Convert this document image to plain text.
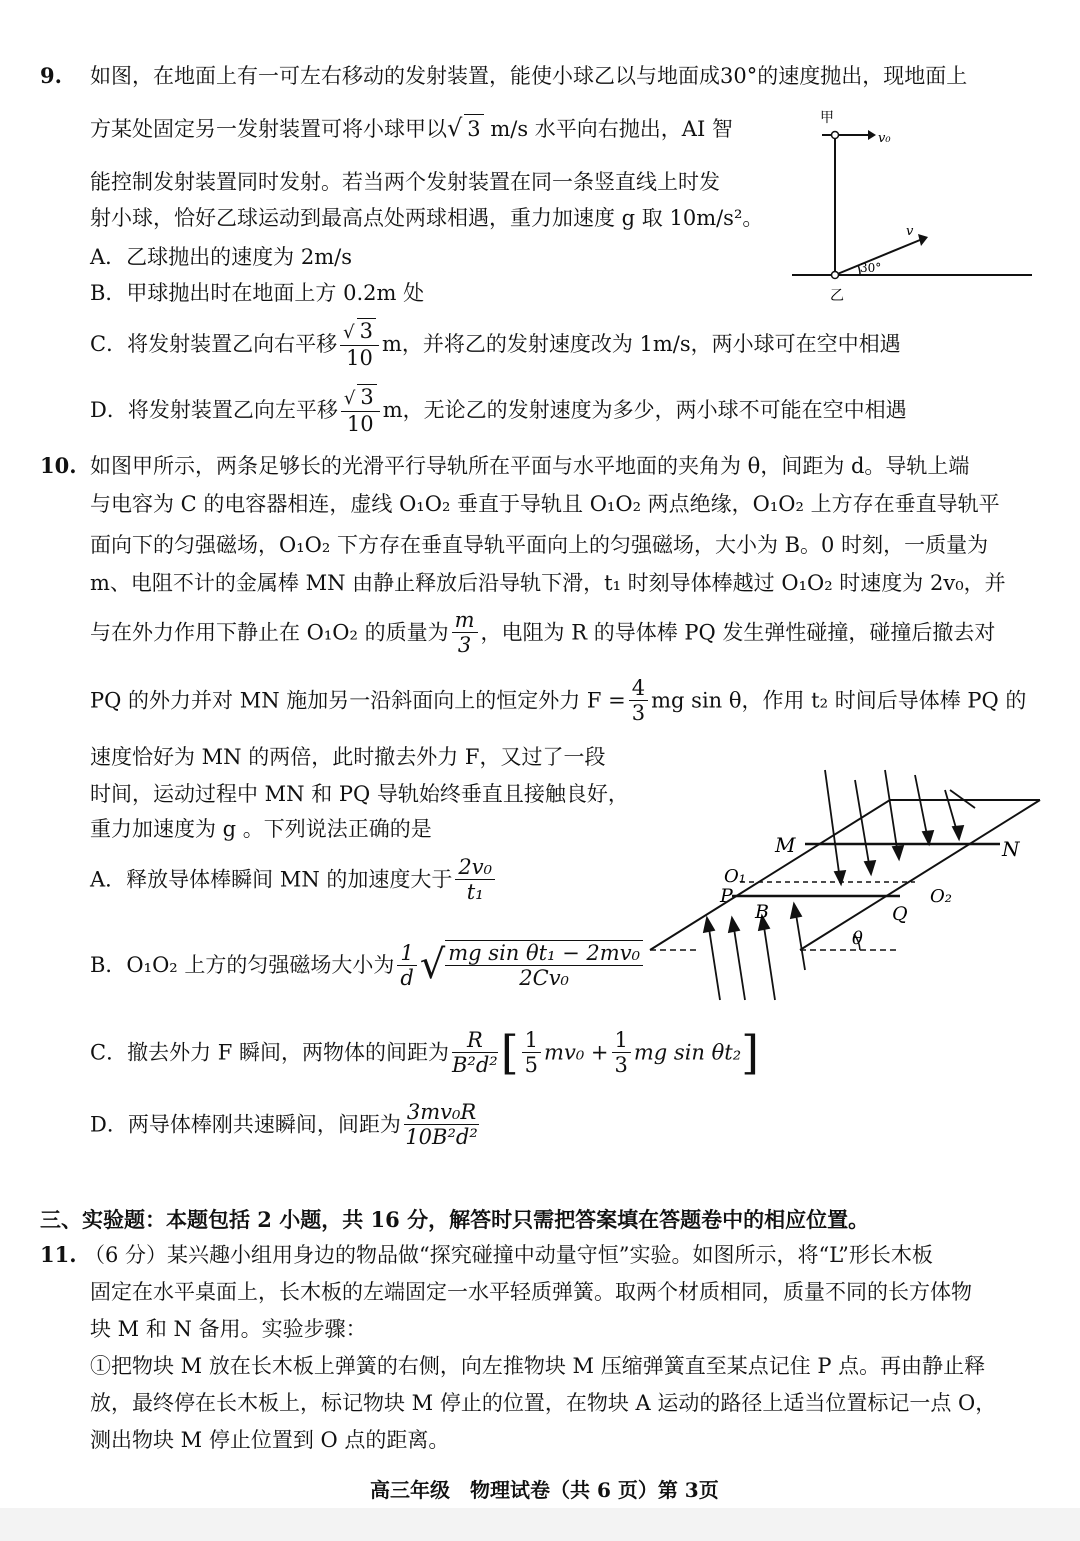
9. 如图，在地面上有一可左右移动的发射装置，能使小球乙以与地面成30°的速度抛出，现地面上
方某处固定另一发射装置可将小球甲以√ 3 m/s 水平向右抛出，AI 智
能控制发射装置同时发射。若当两个发射装置在同一条竖直线上时发
射小球，恰好乙球运动到最高点处两球相遇，重力加速度 g 取 10m/s²。
A．乙球抛出的速度为 2m/s
B．甲球抛出时在地面上方 0.2m 处
C．将发射装置乙向右平移 $\frac{√ 3}{10}$ m，并将乙的发射速度改为 1m/s，两小球可在空中相遇
D．将发射装置乙向左平移 $\frac{√ 3}{10}$ m，无论乙的发射速度为多少，两小球不可能在空中相遇
甲
v₀
v
30°
乙
10. 如图甲所示，两条足够长的光滑平行导轨所在平面与水平地面的夹角为 θ，间距为 d。导轨上端
与电容为 C 的电容器相连，虚线 O₁O₂ 垂直于导轨且 O₁O₂ 两点绝缘，O₁O₂ 上方存在垂直导轨平
面向下的匀强磁场，O₁O₂ 下方存在垂直导轨平面向上的匀强磁场，大小为 B。0 时刻，一质量为
m、电阻不计的金属棒 MN 由静止释放后沿导轨下滑，t₁ 时刻导体棒越过 O₁O₂ 时速度为 2v₀，并
与在外力作用下静止在 O₁O₂ 的质量为 $\frac{m}{3}$ ，电阻为 R 的导体棒 PQ 发生弹性碰撞，碰撞后撤去对
PQ 的外力并对 MN 施加另一沿斜面向上的恒定外力 $F = \frac{4}{3}$ mg sin θ，作用 t₂ 时间后导体棒 PQ 的
速度恰好为 MN 的两倍，此时撤去外力 F，又过了一段
时间，运动过程中 MN 和 PQ 导轨始终垂直且接触良好，
重力加速度为 g 。下列说法正确的是
A．释放导体棒瞬间 MN 的加速度大于 $\frac{\text{2v₀}}{\text{t₁}}$
B．O₁O₂ 上方的匀强磁场大小为 $\frac{1}{d}$ √ $\frac{\text{mg sin θt₁ − 2mv₀}}{\text{2Cv₀}}$
C．撤去外力 F 瞬间，两物体的间距为 $\frac{R}{\text{B²d²}}$ [ $\frac{1}{5} mv_0 + \frac{1}{3}$ mg sin θt₂]
D．两导体棒刚共速瞬间，间距为 $\frac{\text{3mv₀R}}{\text{10B²d²}}$
M	N
O₁
P
B	Q
O₂
θ
三、实验题：本题包括 2 小题，共 16 分，解答时只需把答案填在答题卷中的相应位置。
11. （6 分）某兴趣小组用身边的物品做“探究碰撞中动量守恒”实验。如图所示，将“L”形长木板
固定在水平桌面上，长木板的左端固定一水平轻质弹簧。取两个材质相同，质量不同的长方体物
块 M 和 N 备用。实验步骤：
①把物块 M 放在长木板上弹簧的右侧，向左推物块 M 压缩弹簧直至某点记住 P 点。再由静止释
放，最终停在长木板上，标记物块 M 停止的位置，在物块 A 运动的路径上适当位置标记一点 O，
测出物块 M 停止位置到 O 点的距离。
高三年级　物理试卷（共 6 页）第 3页
